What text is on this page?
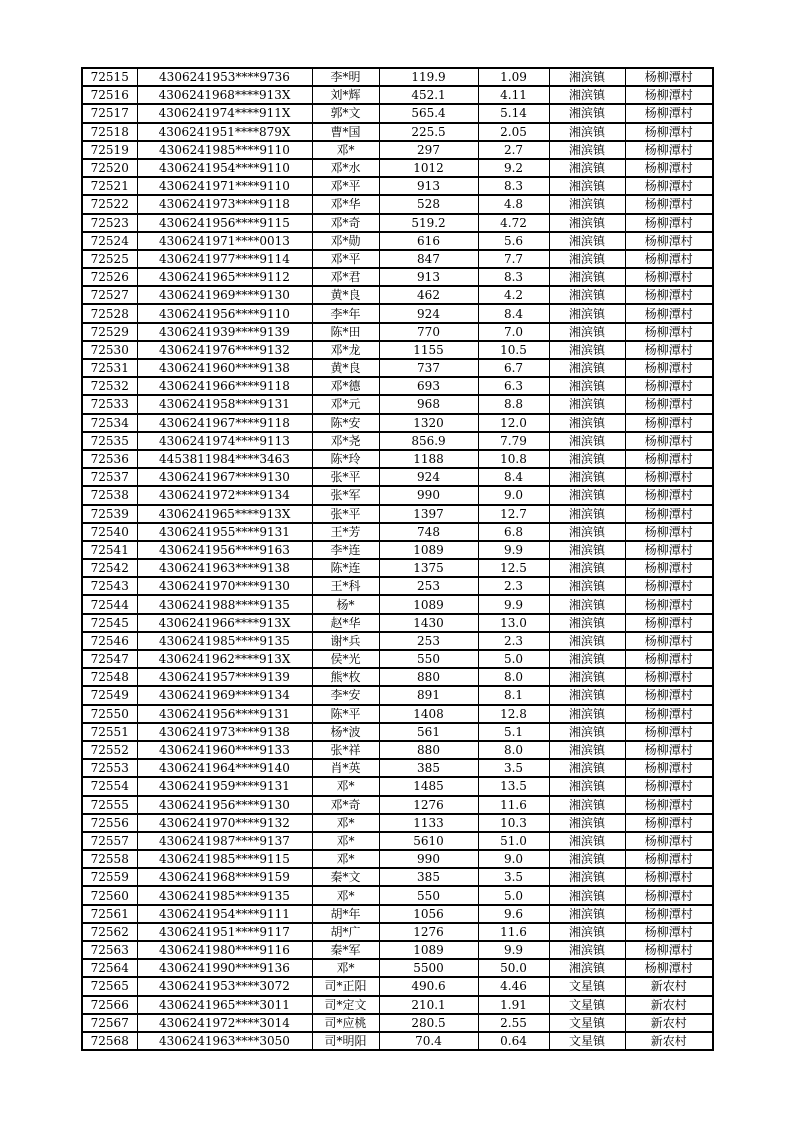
72515	4306241953****9736	李*明	119.9	1.09	湘滨镇	杨柳潭村
72516	4306241968****913X	刘*辉	452.1	4.11	湘滨镇	杨柳潭村
72517	4306241974****911X	郭*文	565.4	5.14	湘滨镇	杨柳潭村
72518	4306241951****879X	曹*国	225.5	2.05	湘滨镇	杨柳潭村
72519	4306241985****9110	邓*	297	2.7	湘滨镇	杨柳潭村
72520	4306241954****9110	邓*水	1012	9.2	湘滨镇	杨柳潭村
72521	4306241971****9110	邓*平	913	8.3	湘滨镇	杨柳潭村
72522	4306241973****9118	邓*华	528	4.8	湘滨镇	杨柳潭村
72523	4306241956****9115	邓*奇	519.2	4.72	湘滨镇	杨柳潭村
72524	4306241971****0013	邓*勋	616	5.6	湘滨镇	杨柳潭村
72525	4306241977****9114	邓*平	847	7.7	湘滨镇	杨柳潭村
72526	4306241965****9112	邓*君	913	8.3	湘滨镇	杨柳潭村
72527	4306241969****9130	黄*良	462	4.2	湘滨镇	杨柳潭村
72528	4306241956****9110	李*年	924	8.4	湘滨镇	杨柳潭村
72529	4306241939****9139	陈*田	770	7.0	湘滨镇	杨柳潭村
72530	4306241976****9132	邓*龙	1155	10.5	湘滨镇	杨柳潭村
72531	4306241960****9138	黄*良	737	6.7	湘滨镇	杨柳潭村
72532	4306241966****9118	邓*德	693	6.3	湘滨镇	杨柳潭村
72533	4306241958****9131	邓*元	968	8.8	湘滨镇	杨柳潭村
72534	4306241967****9118	陈*安	1320	12.0	湘滨镇	杨柳潭村
72535	4306241974****9113	邓*尧	856.9	7.79	湘滨镇	杨柳潭村
72536	4453811984****3463	陈*玲	1188	10.8	湘滨镇	杨柳潭村
72537	4306241967****9130	张*平	924	8.4	湘滨镇	杨柳潭村
72538	4306241972****9134	张*军	990	9.0	湘滨镇	杨柳潭村
72539	4306241965****913X	张*平	1397	12.7	湘滨镇	杨柳潭村
72540	4306241955****9131	王*芳	748	6.8	湘滨镇	杨柳潭村
72541	4306241956****9163	李*连	1089	9.9	湘滨镇	杨柳潭村
72542	4306241963****9138	陈*连	1375	12.5	湘滨镇	杨柳潭村
72543	4306241970****9130	王*科	253	2.3	湘滨镇	杨柳潭村
72544	4306241988****9135	杨*	1089	9.9	湘滨镇	杨柳潭村
72545	4306241966****913X	赵*华	1430	13.0	湘滨镇	杨柳潭村
72546	4306241985****9135	谢*兵	253	2.3	湘滨镇	杨柳潭村
72547	4306241962****913X	侯*光	550	5.0	湘滨镇	杨柳潭村
72548	4306241957****9139	熊*枚	880	8.0	湘滨镇	杨柳潭村
72549	4306241969****9134	李*安	891	8.1	湘滨镇	杨柳潭村
72550	4306241956****9131	陈*平	1408	12.8	湘滨镇	杨柳潭村
72551	4306241973****9138	杨*波	561	5.1	湘滨镇	杨柳潭村
72552	4306241960****9133	张*祥	880	8.0	湘滨镇	杨柳潭村
72553	4306241964****9140	肖*英	385	3.5	湘滨镇	杨柳潭村
72554	4306241959****9131	邓*	1485	13.5	湘滨镇	杨柳潭村
72555	4306241956****9130	邓*奇	1276	11.6	湘滨镇	杨柳潭村
72556	4306241970****9132	邓*	1133	10.3	湘滨镇	杨柳潭村
72557	4306241987****9137	邓*	5610	51.0	湘滨镇	杨柳潭村
72558	4306241985****9115	邓*	990	9.0	湘滨镇	杨柳潭村
72559	4306241968****9159	秦*文	385	3.5	湘滨镇	杨柳潭村
72560	4306241985****9135	邓*	550	5.0	湘滨镇	杨柳潭村
72561	4306241954****9111	胡*年	1056	9.6	湘滨镇	杨柳潭村
72562	4306241951****9117	胡*广	1276	11.6	湘滨镇	杨柳潭村
72563	4306241980****9116	秦*军	1089	9.9	湘滨镇	杨柳潭村
72564	4306241990****9136	邓*	5500	50.0	湘滨镇	杨柳潭村
72565	4306241953****3072	司*正阳	490.6	4.46	文星镇	新农村
72566	4306241965****3011	司*定文	210.1	1.91	文星镇	新农村
72567	4306241972****3014	司*应桃	280.5	2.55	文星镇	新农村
72568	4306241963****3050	司*明阳	70.4	0.64	文星镇	新农村
